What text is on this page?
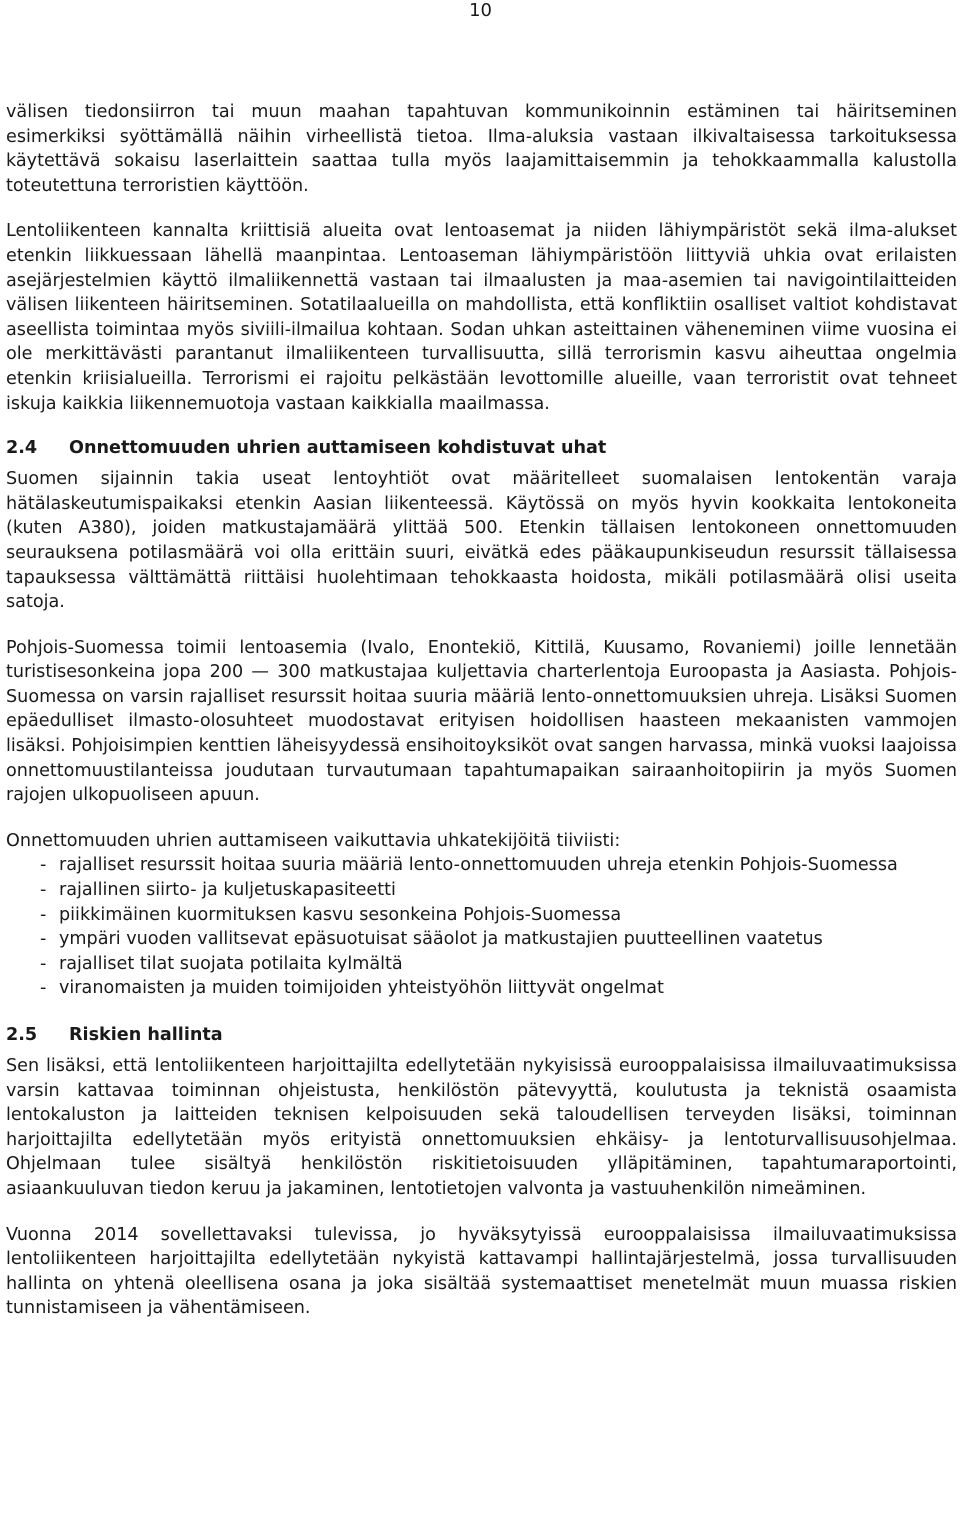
10

välisen tiedonsiirron tai muun maahan tapahtuvan kommunikoinnin estäminen tai häiritseminen esimerkiksi syöttämällä näihin virheellistä tietoa. Ilma-aluksia vastaan ilkivaltaisessa tarkoituksessa käytettävä sokaisu laserlaittein saattaa tulla myös laajamittaisemmin ja tehokkaammalla kalustolla toteutettuna terroristien käyttöön.

Lentoliikenteen kannalta kriittisiä alueita ovat lentoasemat ja niiden lähiympäristöt sekä ilma-alukset etenkin liikkuessaan lähellä maanpintaa. Lentoaseman lähiympäristöön liittyviä uhkia ovat erilaisten asejärjestelmien käyttö ilmaliikennettä vastaan tai ilmaalusten ja maa-asemien tai navigointilaitteiden välisen liikenteen häiritseminen. Sotatilaalueilla on mahdollista, että konfliktiin osalliset valtiot kohdistavat aseellista toimintaa myös siviili-ilmailua kohtaan. Sodan uhkan asteittainen väheneminen viime vuosina ei ole merkittävästi parantanut ilmaliikenteen turvallisuutta, sillä terrorismin kasvu aiheuttaa ongelmia etenkin kriisialueilla. Terrorismi ei rajoitu pelkästään levottomille alueille, vaan terroristit ovat tehneet iskuja kaikkia liikennemuotoja vastaan kaikkialla maailmassa.

2.4	Onnettomuuden uhrien auttamiseen kohdistuvat uhat

Suomen sijainnin takia useat lentoyhtiöt ovat määritelleet suomalaisen lentokentän varaja hätälaskeutumispaikaksi etenkin Aasian liikenteessä. Käytössä on myös hyvin kookkaita lentokoneita (kuten A380), joiden matkustajamäärä ylittää 500. Etenkin tällaisen lentokoneen onnettomuuden seurauksena potilasmäärä voi olla erittäin suuri, eivätkä edes pääkaupunkiseudun resurssit tällaisessa tapauksessa välttämättä riittäisi huolehtimaan tehokkaasta hoidosta, mikäli potilasmäärä olisi useita satoja.

Pohjois-Suomessa toimii lentoasemia (Ivalo, Enontekiö, Kittilä, Kuusamo, Rovaniemi) joille lennetään turistisesonkeina jopa 200 — 300 matkustajaa kuljettavia charterlentoja Euroopasta ja Aasiasta. Pohjois-Suomessa on varsin rajalliset resurssit hoitaa suuria määriä lento-onnettomuuksien uhreja. Lisäksi Suomen epäedulliset ilmasto-olosuhteet muodostavat erityisen hoidollisen haasteen mekaanisten vammojen lisäksi. Pohjoisimpien kenttien läheisyydessä ensihoitoyksiköt ovat sangen harvassa, minkä vuoksi laajoissa onnettomuustilanteissa joudutaan turvautumaan tapahtumapaikan sairaanhoitopiirin ja myös Suomen rajojen ulkopuoliseen apuun.

Onnettomuuden uhrien auttamiseen vaikuttavia uhkatekijöitä tiiviisti:

- rajalliset resurssit hoitaa suuria määriä lento-onnettomuuden uhreja etenkin Pohjois-Suomessa
- rajallinen siirto- ja kuljetuskapasiteetti
- piikkimäinen kuormituksen kasvu sesonkeina Pohjois-Suomessa
- ympäri vuoden vallitsevat epäsuotuisat sääolot ja matkustajien puutteellinen vaatetus
- rajalliset tilat suojata potilaita kylmältä
- viranomaisten ja muiden toimijoiden yhteistyöhön liittyvät ongelmat
2.5	Riskien hallinta

Sen lisäksi, että lentoliikenteen harjoittajilta edellytetään nykyisissä eurooppalaisissa ilmailuvaatimuksissa varsin kattavaa toiminnan ohjeistusta, henkilöstön pätevyyttä, koulutusta ja teknistä osaamista lentokaluston ja laitteiden teknisen kelpoisuuden sekä taloudellisen terveyden lisäksi, toiminnan harjoittajilta edellytetään myös erityistä onnettomuuksien ehkäisy- ja lentoturvallisuusohjelmaa. Ohjelmaan tulee sisältyä henkilöstön riskitietoisuuden ylläpitäminen, tapahtumaraportointi, asiaankuuluvan tiedon keruu ja jakaminen, lentotietojen valvonta ja vastuuhenkilön nimeäminen.

Vuonna 2014 sovellettavaksi tulevissa, jo hyväksytyissä eurooppalaisissa ilmailuvaatimuksissa lentoliikenteen harjoittajilta edellytetään nykyistä kattavampi hallintajärjestelmä, jossa turvallisuuden hallinta on yhtenä oleellisena osana ja joka sisältää systemaattiset menetelmät muun muassa riskien tunnistamiseen ja vähentämiseen.
